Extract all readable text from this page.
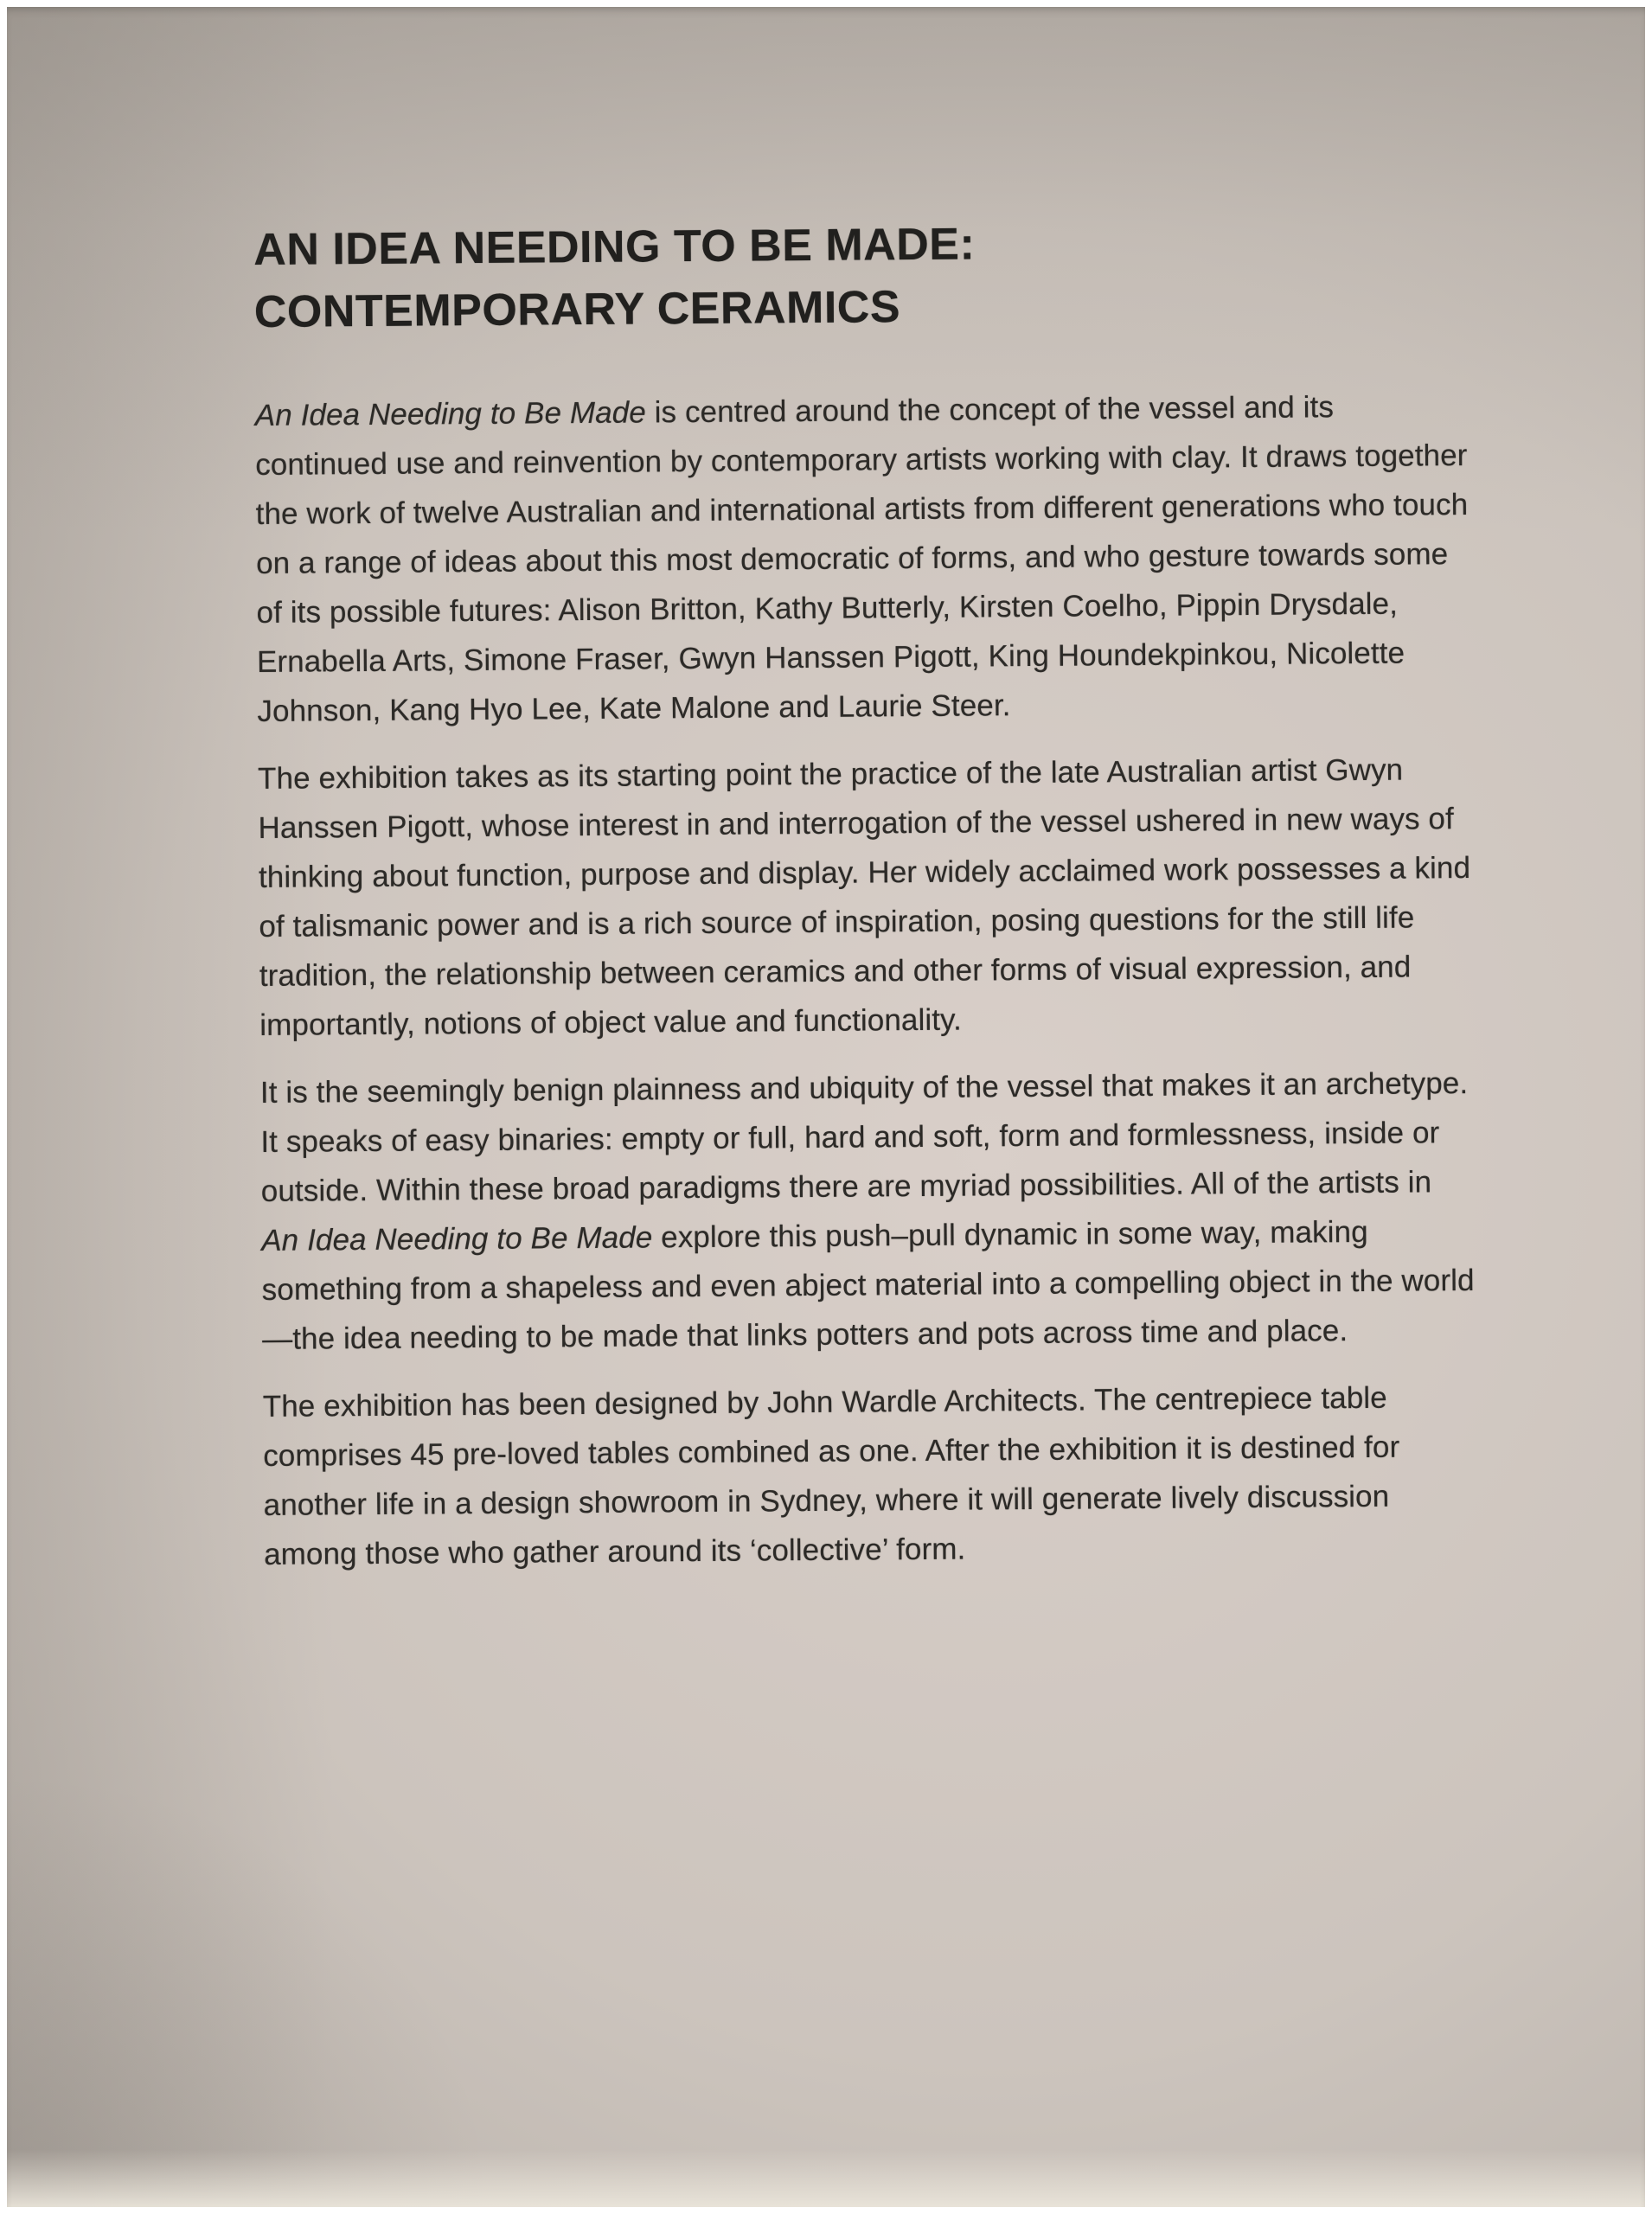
AN IDEA NEEDING TO BE MADE:
CONTEMPORARY CERAMICS

An Idea Needing to Be Made is centred around the concept of the vessel and its continued use and reinvention by contemporary artists working with clay. It draws together the work of twelve Australian and international artists from different generations who touch on a range of ideas about this most democratic of forms, and who gesture towards some of its possible futures: Alison Britton, Kathy Butterly, Kirsten Coelho, Pippin Drysdale, Ernabella Arts, Simone Fraser, Gwyn Hanssen Pigott, King Houndekpinkou, Nicolette Johnson, Kang Hyo Lee, Kate Malone and Laurie Steer.

The exhibition takes as its starting point the practice of the late Australian artist Gwyn Hanssen Pigott, whose interest in and interrogation of the vessel ushered in new ways of thinking about function, purpose and display. Her widely acclaimed work possesses a kind of talismanic power and is a rich source of inspiration, posing questions for the still life tradition, the relationship between ceramics and other forms of visual expression, and importantly, notions of object value and functionality.

It is the seemingly benign plainness and ubiquity of the vessel that makes it an archetype. It speaks of easy binaries: empty or full, hard and soft, form and formlessness, inside or outside. Within these broad paradigms there are myriad possibilities. All of the artists in An Idea Needing to Be Made explore this push–pull dynamic in some way, making something from a shapeless and even abject material into a compelling object in the world—the idea needing to be made that links potters and pots across time and place.

The exhibition has been designed by John Wardle Architects. The centrepiece table comprises 45 pre-loved tables combined as one. After the exhibition it is destined for another life in a design showroom in Sydney, where it will generate lively discussion among those who gather around its ‘collective’ form.
